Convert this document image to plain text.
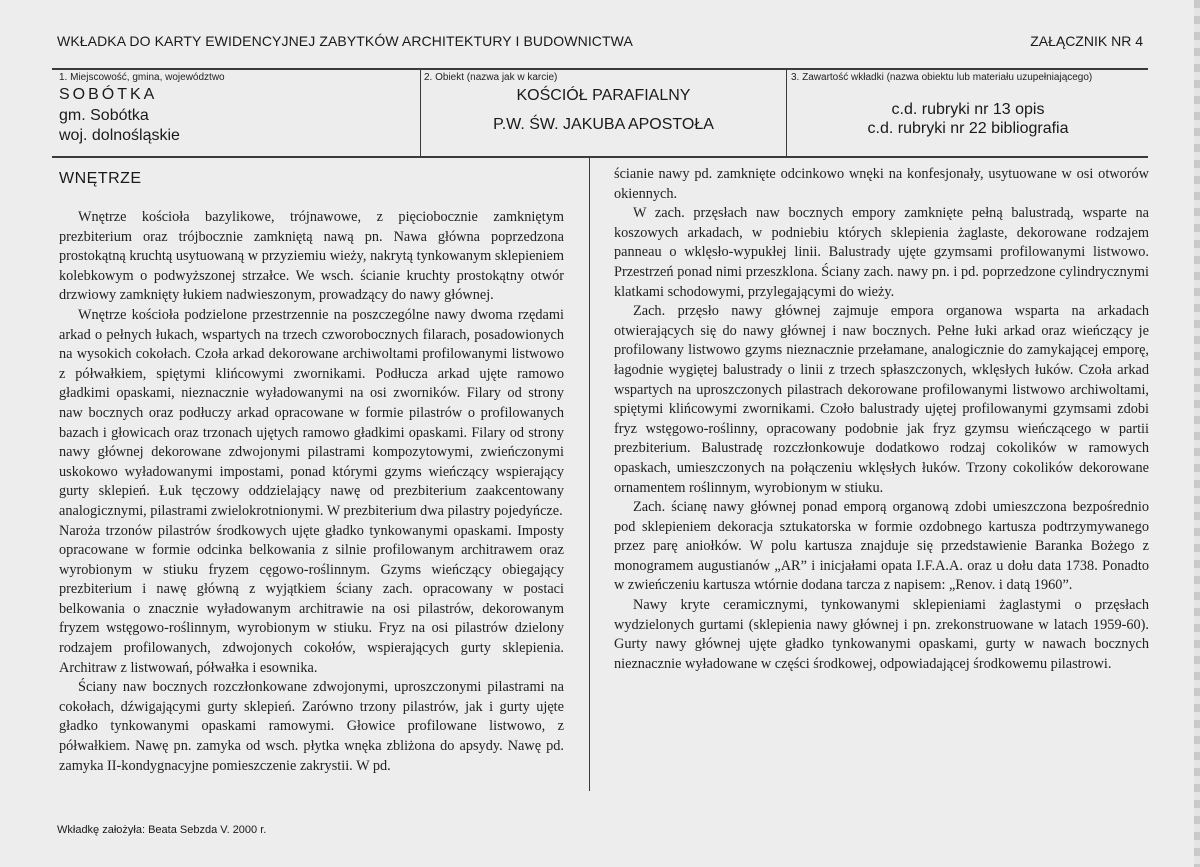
WKŁADKA DO KARTY EWIDENCYJNEJ ZABYTKÓW ARCHITEKTURY I BUDOWNICTWA	ZAŁĄCZNIK NR 4
1. Miejscowość, gmina, województwo
SOBÓTKA
gm. Sobótka
woj. dolnośląskie
2. Obiekt (nazwa jak w karcie)
KOŚCIÓŁ PARAFIALNY
P.W. ŚW. JAKUBA APOSTOŁA
3. Zawartość wkładki (nazwa obiektu lub materiału uzupełniającego)
c.d. rubryki nr 13 opis
c.d. rubryki nr 22 bibliografia
WNĘTRZE

Wnętrze kościoła bazylikowe, trójnawowe, z pięciobocznie zamkniętym prezbiterium oraz trójbocznie zamkniętą nawą pn. Nawa główna poprzedzona prostokątną kruchtą usytuowaną w przyziemiu wieży, nakrytą tynkowanym sklepieniem kolebkowym o podwyższonej strzałce. We wsch. ścianie kruchty prostokątny otwór drzwiowy zamknięty łukiem nadwieszonym, prowadzący do nawy głównej.

Wnętrze kościoła podzielone przestrzennie na poszczególne nawy dwoma rzędami arkad o pełnych łukach, wspartych na trzech czworobocznych filarach, posadowionych na wysokich cokołach. Czoła arkad dekorowane archiwoltami profilowanymi listwowo z półwałkiem, spiętymi klińcowymi zwornikami. Podłucza arkad ujęte ramowo gładkimi opaskami, nieznacznie wyładowanymi na osi zworników. Filary od strony naw bocznych oraz podłuczy arkad opracowane w formie pilastrów o profilowanych bazach i głowicach oraz trzonach ujętych ramowo gładkimi opaskami. Filary od strony nawy głównej dekorowane zdwojonymi pilastrami kompozytowymi, zwieńczonymi uskokowo wyładowanymi impostami, ponad którymi gzyms wieńczący wspierający gurty sklepień. Łuk tęczowy oddzielający nawę od prezbiterium zaakcentowany analogicznymi, pilastrami zwielokrotnionymi. W prezbiterium dwa pilastry pojedyńcze.

Naroża trzonów pilastrów środkowych ujęte gładko tynkowanymi opaskami. Imposty opracowane w formie odcinka belkowania z silnie profilowanym architrawem oraz wyrobionym w stiuku fryzem cęgowo-roślinnym. Gzyms wieńczący obiegający prezbiterium i nawę główną z wyjątkiem ściany zach. opracowany w postaci belkowania o znacznie wyładowanym architrawie na osi pilastrów, dekorowanym fryzem wstęgowo-roślinnym, wyrobionym w stiuku. Fryz na osi pilastrów dzielony rodzajem profilowanych, zdwojonych cokołów, wspierających gurty sklepienia. Architraw z listwowań, półwałka i esownika.

Ściany naw bocznych rozczłonkowane zdwojonymi, uproszczonymi pilastrami na cokołach, dźwigającymi gurty sklepień. Zarówno trzony pilastrów, jak i gurty ujęte gładko tynkowanymi opaskami ramowymi. Głowice profilowane listwowo, z półwałkiem. Nawę pn. zamyka od wsch. płytka wnęka zbliżona do apsydy. Nawę pd. zamyka II-kondygnacyjne pomieszczenie zakrystii. W pd.

ścianie nawy pd. zamknięte odcinkowo wnęki na konfesjonały, usytuowane w osi otworów okiennych.

W zach. przęsłach naw bocznych empory zamknięte pełną balustradą, wsparte na koszowych arkadach, w podniebiu których sklepienia żaglaste, dekorowane rodzajem panneau o wklęsło-wypukłej linii. Balustrady ujęte gzymsami profilowanymi listwowo. Przestrzeń ponad nimi przeszklona. Ściany zach. nawy pn. i pd. poprzedzone cylindrycznymi klatkami schodowymi, przylegającymi do wieży.

Zach. przęsło nawy głównej zajmuje empora organowa wsparta na arkadach otwierających się do nawy głównej i naw bocznych. Pełne łuki arkad oraz wieńczący je profilowany listwowo gzyms nieznacznie przełamane, analogicznie do zamykającej emporę, łagodnie wygiętej balustrady o linii z trzech spłaszczonych, wklęsłych łuków. Czoła arkad wspartych na uproszczonych pilastrach dekorowane profilowanymi listwowo archiwoltami, spiętymi klińcowymi zwornikami. Czoło balustrady ujętej profilowanymi gzymsami zdobi fryz wstęgowo-roślinny, opracowany podobnie jak fryz gzymsu wieńczącego w partii prezbiterium. Balustradę rozczłonkowuje dodatkowo rodzaj cokolików w ramowych opaskach, umieszczonych na połączeniu wklęsłych łuków. Trzony cokolików dekorowane ornamentem roślinnym, wyrobionym w stiuku.

Zach. ścianę nawy głównej ponad emporą organową zdobi umieszczona bezpośrednio pod sklepieniem dekoracja sztukatorska w formie ozdobnego kartusza podtrzymywanego przez parę aniołków. W polu kartusza znajduje się przedstawienie Baranka Bożego z monogramem augustianów „AR” i inicjałami opata I.F.A.A. oraz u dołu data 1738. Ponadto w zwieńczeniu kartusza wtórnie dodana tarcza z napisem: „Renov. i datą 1960”.

Nawy kryte ceramicznymi, tynkowanymi sklepieniami żaglastymi o przęsłach wydzielonych gurtami (sklepienia nawy głównej i pn. zrekonstruowane w latach 1959-60). Gurty nawy głównej ujęte gładko tynkowanymi opaskami, gurty w nawach bocznych nieznacznie wyładowane w części środkowej, odpowiadającej środkowemu pilastrowi.

Wkładkę założyła: Beata Sebzda V. 2000 r.
